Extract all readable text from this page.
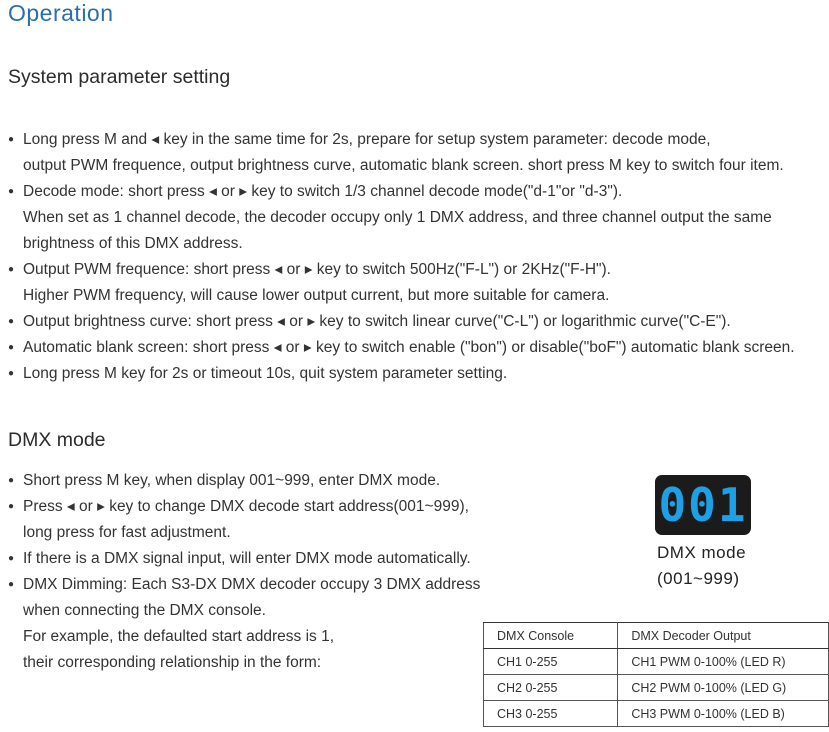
Operation
System parameter setting
● Long press M and ◂ key in the same time for 2s, prepare for setup system parameter: decode mode,
output PWM frequence, output brightness curve, automatic blank screen. short press M key to switch four item.
● Decode mode: short press ◂ or ▸ key to switch 1/3 channel decode mode("d-1"or "d-3").
When set as 1 channel decode, the decoder occupy only 1 DMX address, and three channel output the same
brightness of this DMX address.
● Output PWM frequence: short press ◂ or ▸ key to switch 500Hz("F-L") or 2KHz("F-H").
Higher PWM frequency, will cause lower output current, but more suitable for camera.
● Output brightness curve: short press ◂ or ▸ key to switch linear curve("C-L") or logarithmic curve("C-E").
● Automatic blank screen: short press ◂ or ▸ key to switch enable ("bon") or disable("boF") automatic blank screen.
● Long press M key for 2s or timeout 10s, quit system parameter setting.
DMX mode
● Short press M key, when display 001~999, enter DMX mode.
● Press ◂ or ▸ key to change DMX decode start address(001~999),
long press for fast adjustment.
● If there is a DMX signal input, will enter DMX mode automatically.
● DMX Dimming: Each S3-DX DMX decoder occupy 3 DMX address
when connecting the DMX console.
For example, the defaulted start address is 1,
their corresponding relationship in the form:
001
DMX mode
(001~999)
DMX Console	DMX Decoder Output
CH1 0-255	CH1 PWM 0-100% (LED R)
CH2 0-255	CH2 PWM 0-100% (LED G)
CH3 0-255	CH3 PWM 0-100% (LED B)
